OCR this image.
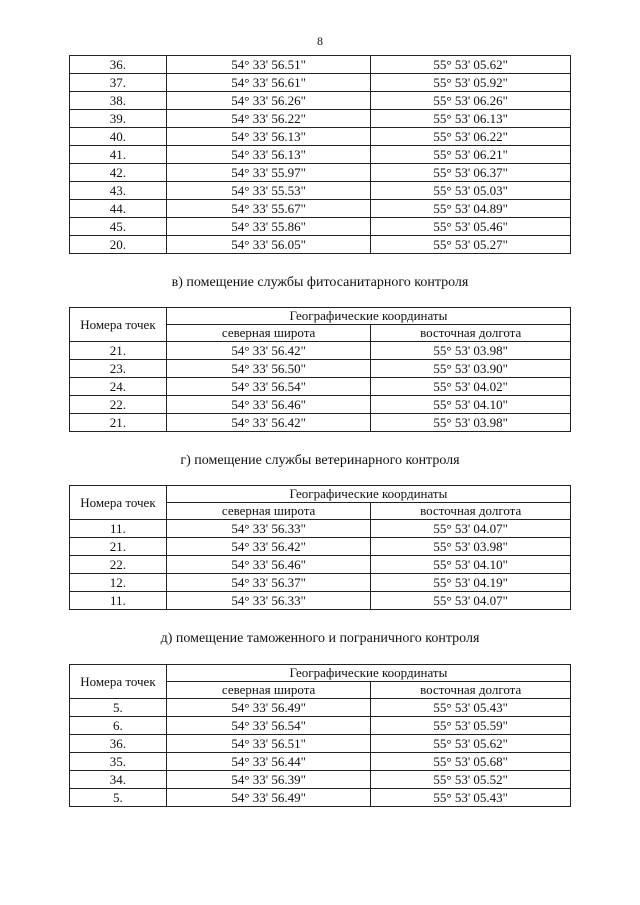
8
36.	54° 33' 56.51"	55° 53' 05.62"
37.	54° 33' 56.61"	55° 53' 05.92"
38.	54° 33' 56.26"	55° 53' 06.26"
39.	54° 33' 56.22"	55° 53' 06.13"
40.	54° 33' 56.13"	55° 53' 06.22"
41.	54° 33' 56.13"	55° 53' 06.21"
42.	54° 33' 55.97"	55° 53' 06.37"
43.	54° 33' 55.53"	55° 53' 05.03"
44.	54° 33' 55.67"	55° 53' 04.89"
45.	54° 33' 55.86"	55° 53' 05.46"
20.	54° 33' 56.05"	55° 53' 05.27"
в) помещение службы фитосанитарного контроля
Номера точек	Географические координаты	
	северная широта	восточная долгота
21.	54° 33' 56.42"	55° 53' 03.98"
23.	54° 33' 56.50"	55° 53' 03.90"
24.	54° 33' 56.54"	55° 53' 04.02"
22.	54° 33' 56.46"	55° 53' 04.10"
21.	54° 33' 56.42"	55° 53' 03.98"
г) помещение службы ветеринарного контроля
Номера точек	Географические координаты	
	северная широта	восточная долгота
11.	54° 33' 56.33"	55° 53' 04.07"
21.	54° 33' 56.42"	55° 53' 03.98"
22.	54° 33' 56.46"	55° 53' 04.10"
12.	54° 33' 56.37"	55° 53' 04.19"
11.	54° 33' 56.33"	55° 53' 04.07"
д) помещение таможенного и пограничного контроля
Номера точек	Географические координаты	
	северная широта	восточная долгота
5.	54° 33' 56.49"	55° 53' 05.43"
6.	54° 33' 56.54"	55° 53' 05.59"
36.	54° 33' 56.51"	55° 53' 05.62"
35.	54° 33' 56.44"	55° 53' 05.68"
34.	54° 33' 56.39"	55° 53' 05.52"
5.	54° 33' 56.49"	55° 53' 05.43"
